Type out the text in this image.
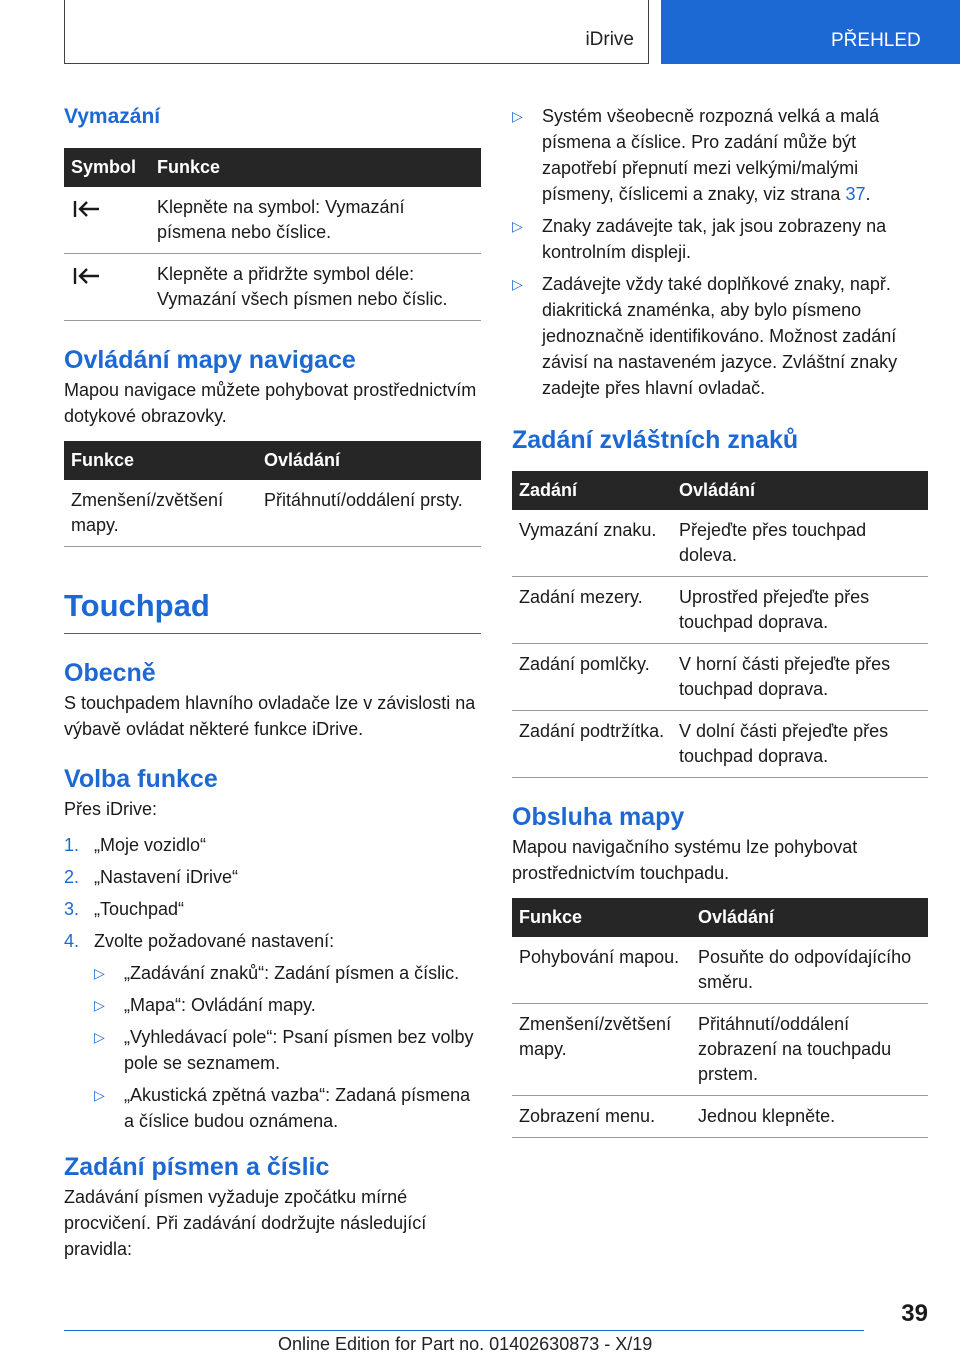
iDrive	PŘEHLED
Vymazání
Symbol	Funkce
	Klepněte na symbol: Vymazání písmena nebo číslice.
	Klepněte a přidržte symbol déle: Vymazání všech písmen nebo číslic.
Ovládání mapy navigace

Mapou navigace můžete pohybovat prostřednictvím dotykové obrazovky.

Funkce	Ovládání
Zmenšení/zvětšení mapy.	Přitáhnutí/oddálení prsty.
Touchpad
Obecně

S touchpadem hlavního ovladače lze v závislosti na výbavě ovládat některé funkce iDrive.

Volba funkce

Přes iDrive:

1. „Moje vozidlo“
2. „Nastavení iDrive“
3. „Touchpad“
4. Zvolte požadované nastavení:
▷ „Zadávání znaků“: Zadání písmen a číslic.
▷ „Mapa“: Ovládání mapy.
▷ „Vyhledávací pole“: Psaní písmen bez volby pole se seznamem.
▷ „Akustická zpětná vazba“: Zadaná písmena a číslice budou oznámena.
Zadání písmen a číslic

Zadávání písmen vyžaduje zpočátku mírné procvičení. Při zadávání dodržujte následující pravidla:

▷ Systém všeobecně rozpozná velká a malá písmena a číslice. Pro zadání může být zapotřebí přepnutí mezi velkými/malými písmeny, číslicemi a znaky, viz strana 37.
▷ Znaky zadávejte tak, jak jsou zobrazeny na kontrolním displeji.
▷ Zadávejte vždy také doplňkové znaky, např. diakritická znaménka, aby bylo písmeno jednoznačně identifikováno. Možnost zadání závisí na nastaveném jazyce. Zvláštní znaky zadejte přes hlavní ovladač.
Zadání zvláštních znaků
Zadání	Ovládání
Vymazání znaku.	Přejeďte přes touchpad doleva.
Zadání mezery.	Uprostřed přejeďte přes touchpad doprava.
Zadání pomlčky.	V horní části přejeďte přes touchpad doprava.
Zadání podtržítka.	V dolní části přejeďte přes touchpad doprava.
Obsluha mapy

Mapou navigačního systému lze pohybovat prostřednictvím touchpadu.

Funkce	Ovládání
Pohybování mapou.	Posuňte do odpovídajícího směru.
Zmenšení/zvětšení mapy.	Přitáhnutí/oddálení zobrazení na touchpadu prstem.
Zobrazení menu.	Jednou klepněte.
39
Online Edition for Part no. 01402630873 - X/19
